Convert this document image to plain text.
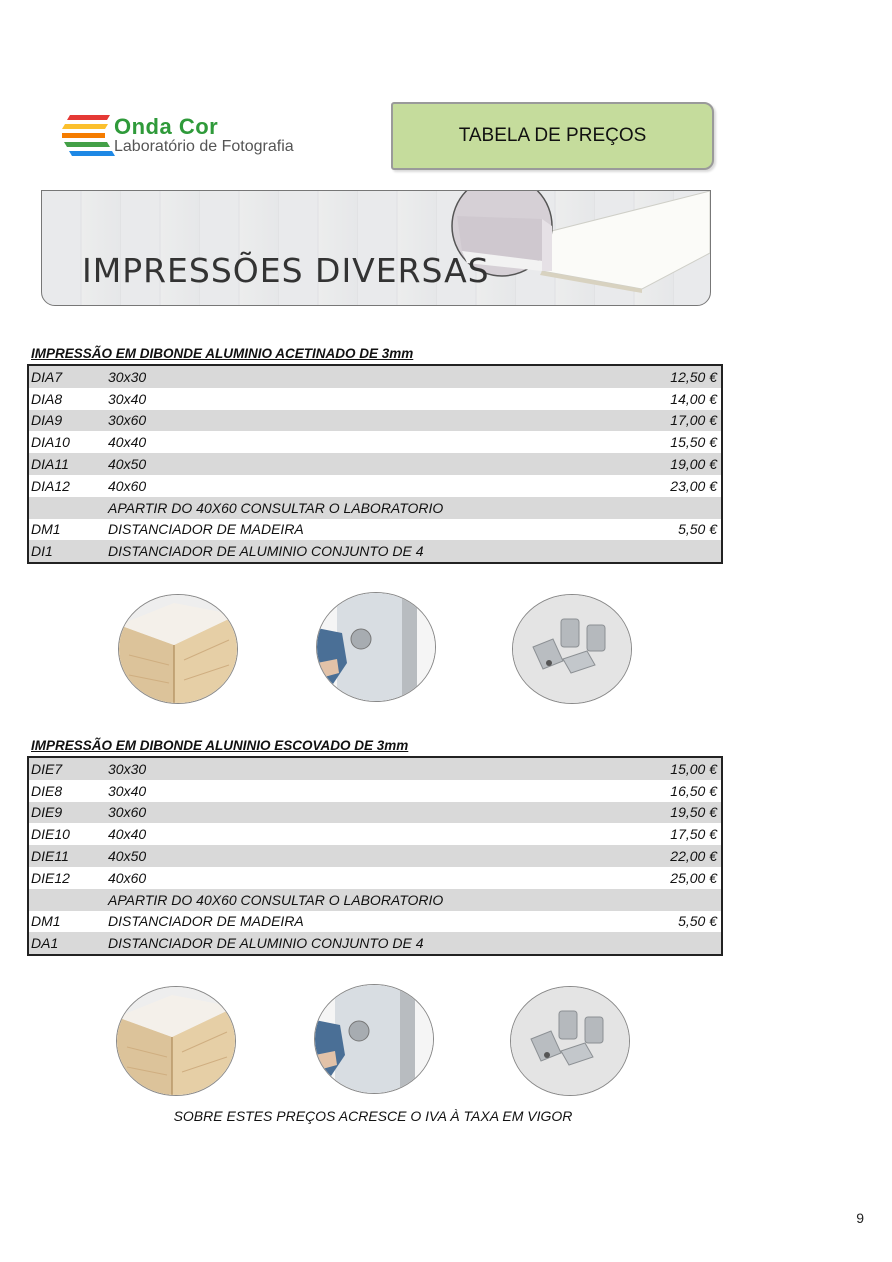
Onda Cor
Laboratório de Fotografia
TABELA DE PREÇOS
IMPRESSÕES DIVERSAS
IMPRESSÃO EM DIBONDE ALUMINIO ACETINADO DE 3mm
DIA7	30x30	12,50 €
DIA8	30x40	14,00 €
DIA9	30x60	17,00 €
DIA10	40x40	15,50 €
DIA11	40x50	19,00 €
DIA12	40x60	23,00 €
APARTIR DO 40X60 CONSULTAR O LABORATORIO
DM1	DISTANCIADOR DE MADEIRA	5,50 €
DI1	DISTANCIADOR DE ALUMINIO CONJUNTO DE 4
IMPRESSÃO EM DIBONDE ALUNINIO ESCOVADO DE 3mm
DIE7	30x30	15,00 €
DIE8	30x40	16,50 €
DIE9	30x60	19,50 €
DIE10	40x40	17,50 €
DIE11	40x50	22,00 €
DIE12	40x60	25,00 €
APARTIR DO 40X60 CONSULTAR O LABORATORIO
DM1	DISTANCIADOR DE MADEIRA	5,50 €
DA1	DISTANCIADOR DE ALUMINIO CONJUNTO DE 4
SOBRE ESTES PREÇOS ACRESCE O IVA À TAXA EM VIGOR
9
